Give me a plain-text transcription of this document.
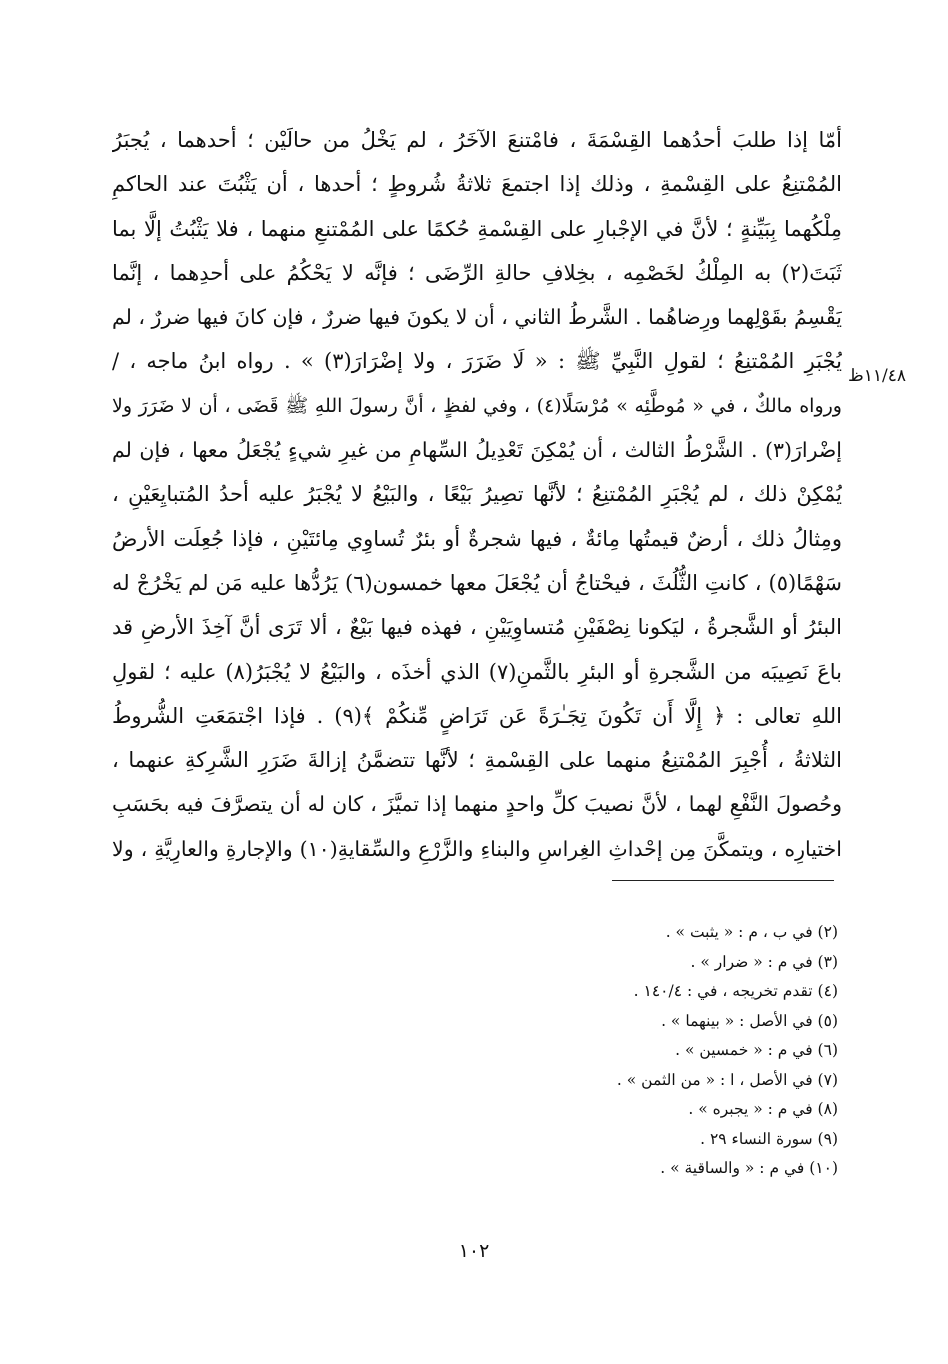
أمّا إذا طلبَ أحدُهما القِسْمَةَ ، فامْتنعَ الآخَرُ ، لم يَخْلُ من حالَيْن ؛ أحدهما ، يُجبَرُ
المُمْتنِعُ على القِسْمةِ ، وذلك إذا اجتمعَ ثلاثةُ شُروطٍ ؛ أحدها ، أن يَثْبُتَ عند الحاكمِ
مِلْكُهما بِبَيِّنةٍ ؛ لأنَّ في الإجْبارِ على القِسْمةِ حُكمًا على المُمْتنعِ منهما ، فلا يَثْبُتُ إلَّا بما
ثَبَتَ(٢) به المِلْكُ لخَصْمِه ، بخِلافِ حالةِ الرِّضَى ؛ فإنَّه لا يَحْكُمُ على أحدِهما ، إنَّما
يَقْسِمُ بقَوْلِهما ورِضاهُما . الشَّرطُ الثاني ، أن لا يكونَ فيها ضررٌ ، فإن كانَ فيها ضررٌ ، لم
يُجْبَرِ المُمْتنِعُ ؛ لقولِ النَّبِيِّ ﷺ : « لَا ضَرَرَ ، ولا إضْرَارَ(٣) » . رواه ابنُ ماجه ، /
ورواه مالكٌ ، في « مُوطَّئِه » مُرْسَلًا(٤) ، وفي لفظٍ ، أنَّ رسولَ اللهِ ﷺ قَضَى ، أن لا ضَرَرَ ولا
إضْرارَ(٣) . الشَّرْطُ الثالث ، أن يُمْكِنَ تَعْدِيلُ السِّهامِ من غيرِ شيءٍ يُجْعَلُ معها ، فإن لم
يُمْكِنْ ذلك ، لم يُجْبَرِ المُمْتنِعُ ؛ لأنَّها تصِيرُ بَيْعًا ، والبَيْعُ لا يُجْبَرُ عليه أحدُ المُتبايِعَيْنِ ،
ومِثالُ ذلك ، أرضٌ قيمتُها مِائةٌ ، فيها شجرةٌ أو بئرٌ تُساوِي مِائتَيْنِ ، فإذا جُعِلَت الأرضُ
سَهْمًا(٥) ، كانتِ الثُّلُثَ ، فيحْتاجُ أن يُجْعَلَ معها خمسون(٦) يَرُدُّها عليه مَن لم يَخْرُجْ له
البئرُ أو الشَّجرةُ ، ليَكونا نِصْفَيْنِ مُتساوِيَيْنِ ، فهذه فيها بَيْعٌ ، ألا تَرَى أنَّ آخِذَ الأرضِ قد
باعَ نَصِيبَه من الشَّجرةِ أو البئرِ بالثَّمنِ(٧) الذي أخذَه ، والبَيْعُ لا يُجْبَرُ(٨) عليه ؛ لقولِ
اللهِ تعالى : ﴿ إِلَّا أَن تَكُونَ تِجَـٰرَةً عَن تَرَاضٍ مِّنكُمْ ﴾(٩) . فإذا اجْتمَعَتِ الشُّروطُ
الثلاثةُ ، أُجْبِرَ المُمْتنِعُ منهما على القِسْمةِ ؛ لأنَّها تتضمَّنُ إزالةَ ضَرَرِ الشَّرِكةِ عنهما ،
وحُصولَ النَّفْعِ لهما ، لأنَّ نصيبَ كلِّ واحدٍ منهما إذا تميَّزَ ، كان له أن يتصرَّفَ فيه بحَسَبِ
اختيارِه ، ويتمكَّنَ مِن إحْداثِ الغِراسِ والبناءِ والزَّرْعِ والسِّقايةِ(١٠) والإجارةِ والعارِيَّةِ ، ولا
١١/٤٨ظ
(٢) في ب ، م : « يثبت » .
(٣) في م : « ضرار » .
(٤) تقدم تخريجه ، في : ١٤٠/٤ .
(٥) في الأصل : « بينهما » .
(٦) في م : « خمسين » .
(٧) في الأصل ، ا : « من الثمن » .
(٨) في م : « يجبره » .
(٩) سورة النساء ٢٩ .
(١٠) في م : « والساقية » .
١٠٢
